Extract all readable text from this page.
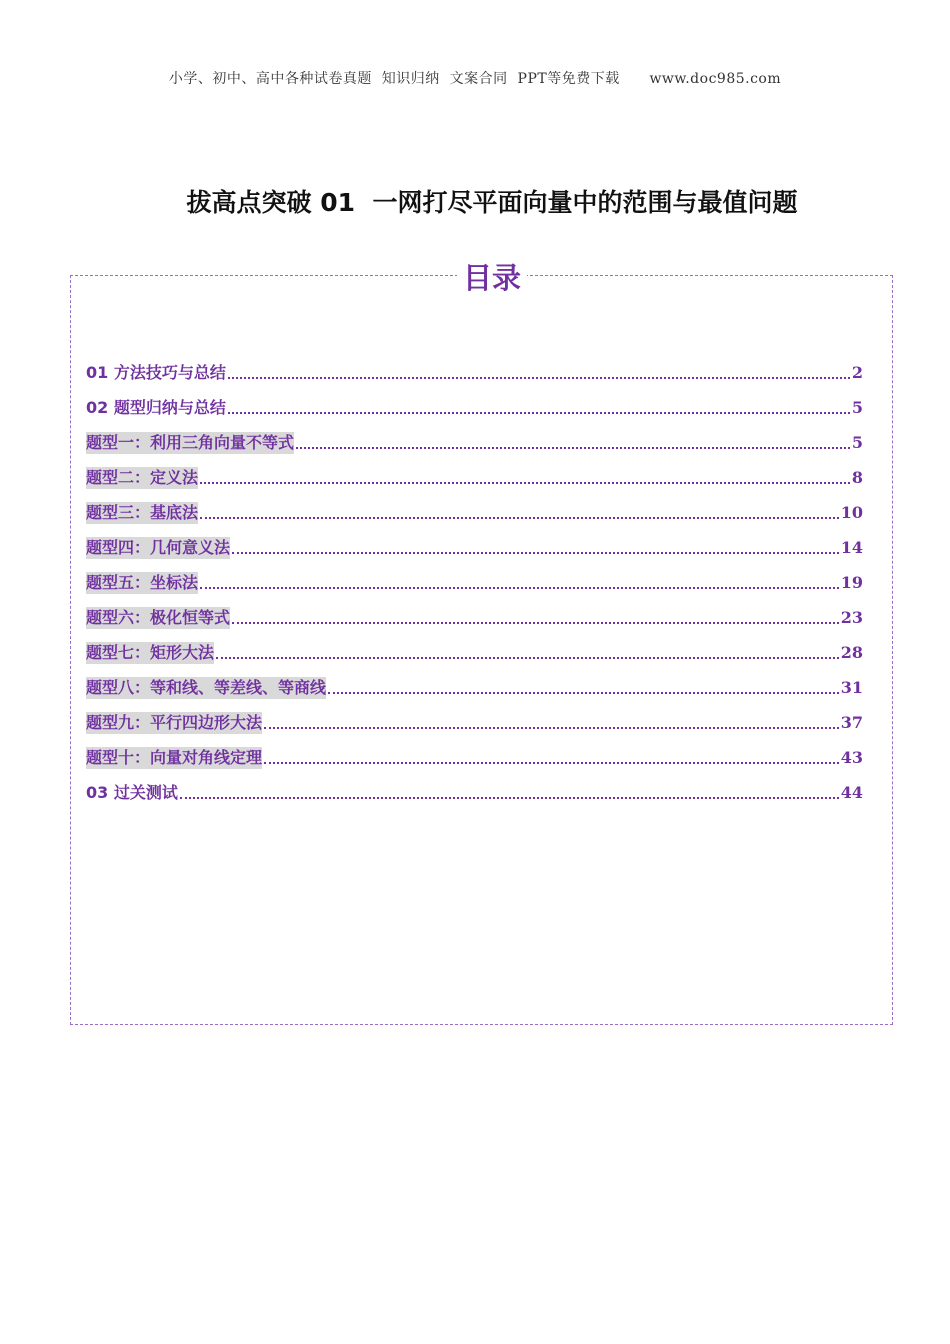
小学、初中、高中各种试卷真题  知识归纳  文案合同  PPT等免费下载      www.doc985.com
拔高点突破 01  一网打尽平面向量中的范围与最值问题
目录
01 方法技巧与总结	2
02 题型归纳与总结	5
题型一：利用三角向量不等式	5
题型二：定义法	8
题型三：基底法	10
题型四：几何意义法	14
题型五：坐标法	19
题型六：极化恒等式	23
题型七：矩形大法	28
题型八：等和线、等差线、等商线	31
题型九：平行四边形大法	37
题型十：向量对角线定理	43
03 过关测试	44
